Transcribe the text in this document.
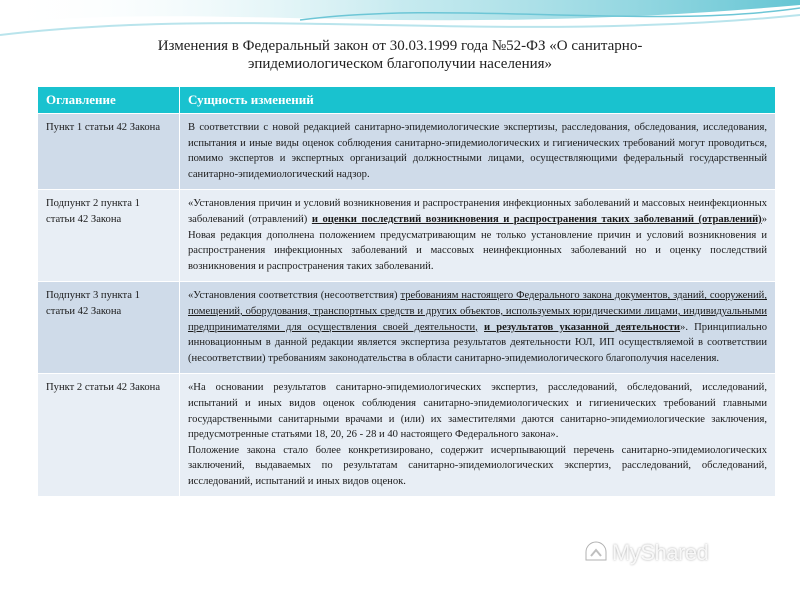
Изменения в Федеральный закон от 30.03.1999 года №52-ФЗ «О санитарно-
эпидемиологическом благополучии населения»
Оглавление	Сущность изменений
Пункт 1 статьи 42 Закона	В соответствии с новой редакцией санитарно-эпидемиологические экспертизы, расследования, обследования, исследования, испытания и иные виды оценок соблюдения санитарно-эпидемиологических и гигиенических требований могут проводиться, помимо экспертов и экспертных организаций должностными лицами, осуществляющими федеральный государственный санитарно-эпидемиологический надзор.
Подпункт 2 пункта 1 статьи 42 Закона	«Установления причин и условий возникновения и распространения инфекционных заболеваний и массовых неинфекционных заболеваний (отравлений) и оценки последствий возникновения и распространения таких заболеваний (отравлений)» Новая редакция дополнена положением предусматривающим не только установление причин и условий возникновения и распространения инфекционных заболеваний и массовых неинфекционных заболеваний но и оценку последствий возникновения и распространения таких заболеваний.
Подпункт 3 пункта 1 статьи 42 Закона	«Установления соответствия (несоответствия) требованиям настоящего Федерального закона документов, зданий, сооружений, помещений, оборудования, транспортных средств и других объектов, используемых юридическими лицами, индивидуальными предпринимателями для осуществления своей деятельности, и результатов указанной деятельности». Принципиально инновационным в данной редакции является экспертиза результатов деятельности ЮЛ, ИП осуществляемой в соответствии (несоответствии) требованиям законодательства в области санитарно-эпидемиологического благополучия населения.
Пункт 2 статьи 42 Закона	«На основании результатов санитарно-эпидемиологических экспертиз, расследований, обследований, исследований, испытаний и иных видов оценок соблюдения санитарно-эпидемиологических и гигиенических требований главными государственными санитарными врачами и (или) их заместителями даются санитарно-эпидемиологические заключения, предусмотренные статьями 18, 20, 26 - 28 и 40 настоящего Федерального закона».
Положение закона стало более конкретизировано, содержит исчерпывающий перечень санитарно-эпидемиологических заключений, выдаваемых по результатам санитарно-эпидемиологических экспертиз, расследований, обследований, исследований, испытаний и иных видов оценок.
MyShared
